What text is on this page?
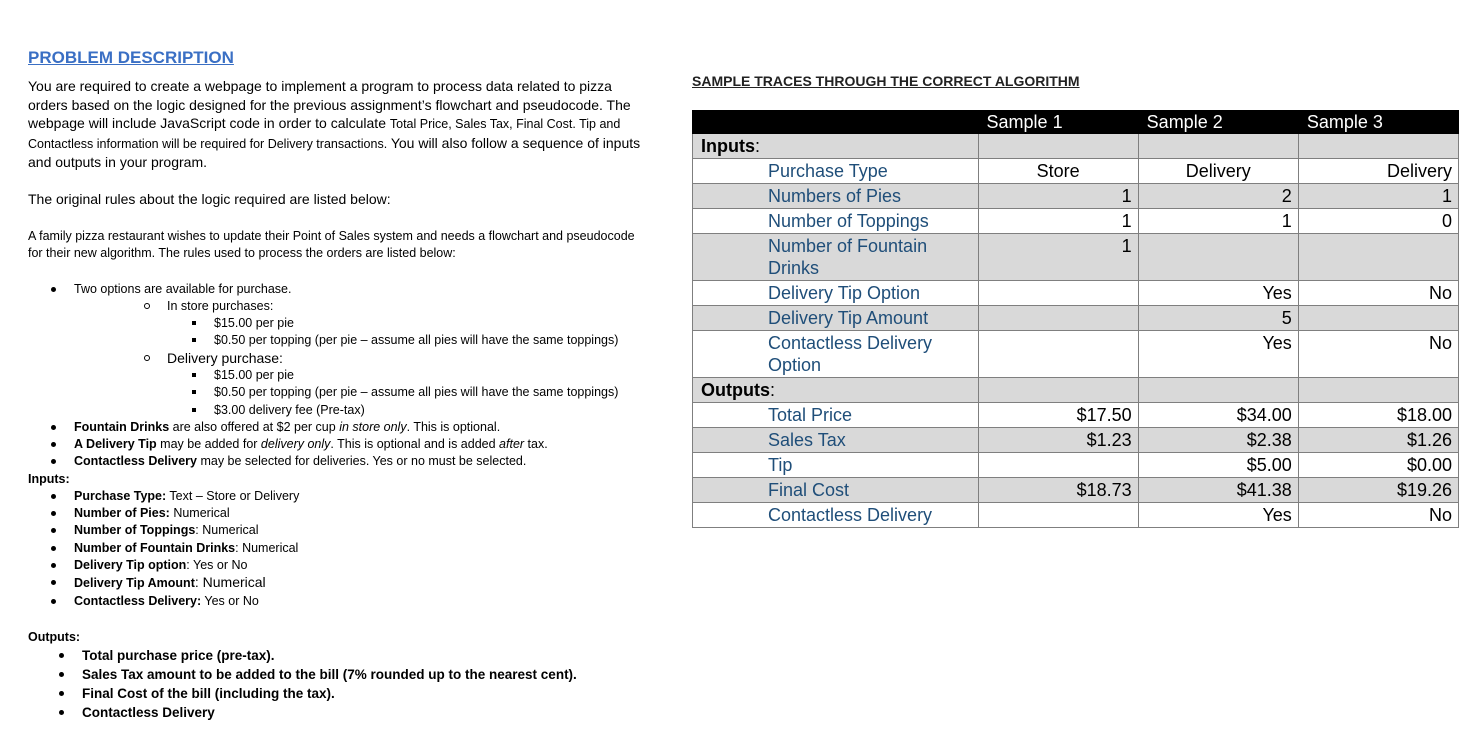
PROBLEM DESCRIPTION

You are required to create a webpage to implement a program to process data related to pizza orders based on the logic designed for the previous assignment’s flowchart and pseudocode. The webpage will include JavaScript code in order to calculate Total Price, Sales Tax, Final Cost. Tip and Contactless information will be required for Delivery transactions. You will also follow a sequence of inputs and outputs in your program.

The original rules about the logic required are listed below:

A family pizza restaurant wishes to update their Point of Sales system and needs a flowchart and pseudocode for their new algorithm. The rules used to process the orders are listed below:

Two options are available for purchase.
In store purchases:
$15.00 per pie
$0.50 per topping (per pie – assume all pies will have the same toppings)
Delivery purchase:
$15.00 per pie
$0.50 per topping (per pie – assume all pies will have the same toppings)
$3.00 delivery fee (Pre-tax)
Fountain Drinks are also offered at $2 per cup in store only. This is optional.
A Delivery Tip may be added for delivery only. This is optional and is added after tax.
Contactless Delivery may be selected for deliveries. Yes or no must be selected.
Inputs:
Purchase Type: Text – Store or Delivery
Number of Pies: Numerical
Number of Toppings: Numerical
Number of Fountain Drinks: Numerical
Delivery Tip option: Yes or No
Delivery Tip Amount: Numerical
Contactless Delivery: Yes or No
Outputs:
Total purchase price (pre-tax).
Sales Tax amount to be added to the bill (7% rounded up to the nearest cent).
Final Cost of the bill (including the tax).
Contactless Delivery
SAMPLE TRACES THROUGH THE CORRECT ALGORITHM
	Sample 1	Sample 2	Sample 3
Inputs:			
Purchase Type	Store	Delivery	Delivery
Numbers of Pies	1	2	1
Number of Toppings	1	1	0
Number of Fountain Drinks	1		
Delivery Tip Option		Yes	No
Delivery Tip Amount		5	
Contactless Delivery Option		Yes	No
Outputs:			
Total Price	$17.50	$34.00	$18.00
Sales Tax	$1.23	$2.38	$1.26
Tip		$5.00	$0.00
Final Cost	$18.73	$41.38	$19.26
Contactless Delivery		Yes	No
